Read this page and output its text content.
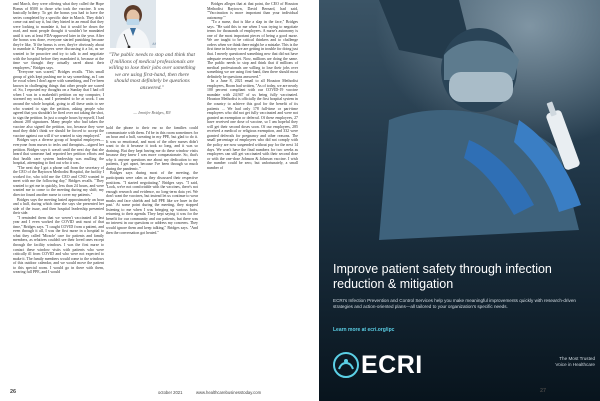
and March, they were offering what they called the Hope Bonus of $500 to those who took the vaccine. It was basically bribery. To get the bonus you had to have the series completed by a specific date in March. They didn't come out and say it, but they hinted in an email that they were looking to mandate it, but it would be down the road, and most people thought it wouldn't be mandated until it was at least FDA-approved later in the year. After the bonus was done, everyone started panicking because they're like, 'If the bonus is over, they're obviously about to mandate it.' Employees were discussing it a lot, as we wanted to be proactive and try to talk to and negotiate with the hospital before they mandated it, because at the time we thought they actually cared about their employees," Bridges says.

"Everyone was scared," Bridges recalls. "This small group of girls kept pushing me to say something, as I can be vocal when I don't agree with something, and I've been known in challenging things that other people are scared of. So, I reposted my thoughts on a Sunday that I had off when I was in a makeshift petition on my computer, I stormed my socks, and I pretended to be at work. I ran around the whole hospital, going to all these units to see who wanted to sign the petition, asking people who agreed that you shouldn't be fired over not taking the shot, to sign the petition. In just a couple hours by myself, I had almost 200 signatures. Many people who had taken the vaccine also signed the petition, too, because they were mad they didn't think we should be forced to accept the vaccine against our will if we wanted to stay employed."

Bridges says a diverse group of hospital employees—everyone from nurses to techs and therapists—signed her petition. Bridges says it wasn't until the next day that she heard that someone had reported her petition efforts and that health care system leadership was mulling the hospital, attempting to find out who it was.

"The next day I got a phone call from the secretary of the CEO of the Baytown Methodist Hospital, the facility I worked for, who told me the CEO and CNO wanted to meet with me the following day," Bridges recalls. "They wanted to get me in quickly, less than 24 hours, and were wanted me to come to the meeting during my shift; my director found another nurse to cover my patients."

Bridges says the meeting lasted approximately an hour and a half, during which time she says she presented her side of the issue, and then hospital leadership presented their side.

"I reminded them that we weren't vaccinated all last year and I even worked the COVID unit most of that time," Bridges says. "I caught COVID from a patient, and even through it all, I was the first nurse in a hospital to what they called 'Miracle' care for patients and family members, as relatives couldn't see their loved ones except through the facility windows. I was the first nurse to contact these window visits with patients who were critically ill from COVID and who were not expected to make it. The family members would come to the windows of this outdoor calendar, and we would move the patient to this special room. I would go in there with them, wearing full PPE, and I would

“
"The public needs to stop and think that if millions of medical professionals are willing to lose their jobs over something we are using first-hand, then there should most definitely be questions answered."
— Jennifer Bridges, RN

hold the phone to their ear so the families could communicate with them. I'd be in this room sometimes for an hour and a half, sweating in my PPE, but glad to do it. It was so emotional, and most of the other nurses didn't want to do it because it took so long, and it was so draining. But they kept having me do these window visits because they knew I was more compassionate. So, that's why it anyone questions me about my dedication to my patients, I get upset, because I've been through so much during the pandemic."

Bridges says during most of the meeting, the participants were calm as they discussed their respective positions. "I started negotiating," Bridges says. "I said, 'Look, we're not comfortable with the vaccines, there's not enough research and evidence, no long-term data yet. We don't want the vaccines, but instead let us continue to wear masks and face shields and full PPE like we have in the past.' At some point during the meeting, they stopped listening to me when I was bringing up various facts, returning to their agenda. They kept saying it was for the benefit for our community and our patients, but there was no interest in our questions or address my concerns. They would ignore them and keep talking," Bridges says. "And then the conversation got heated."

Bridges alleges that at that point, the CEO of Houston Methodist Baytown, David Bernard, had said, "'Vaccination is more important than your individual autonomy.'"

"To a nurse, that is like a slap in the face," Bridges says. "He said this to me when I was trying to negotiate terms for thousands of employees. A nurse's autonomy is one of the most important pieces of being a good nurse. We are taught to be critical thinkers and to challenge orders when we think there might be a mistake. This is the first time in history we are getting in trouble for doing just that. I merely questioned something new that did not have adequate research yet. Now, millions are doing the same. The public needs to stop and think that if millions of medical professionals are willing to lose their jobs over something we are using first-hand, then there should most definitely be questions answered."

In a June 8, 2021 email to all Houston Methodist employees, Boom had written, "As of today, we are nearly 100 percent compliant with our COVID-19 vaccine mandate with 24,947 of us being fully vaccinated. Houston Methodist is officially the first hospital system in the country to achieve this goal for the benefit of its patients ... We had only 178 full-time or part-time employees who did not get fully vaccinated and were not granted an exemption or deferral. Of these employees, 27 have received one dose of vaccine, so I am hopeful they will get their second doses soon. Of our employees, 285 received a medical or religious exemption, and 332 were granted deferrals for pregnancy and other reasons. The small percentage of employees who did not comply with the policy are now suspended without pay for the next 14 days. We won't have the final numbers for two weeks as employees can still get vaccinated with their second dose or with the one-dose Johnson & Johnson vaccine. I wish the number could be zero, but unfortunately, a small number of

26	october 2021	www.healthcarebusinesstoday.com
Improve patient safety through infection reduction & mitigation
ECRI's Infection Prevention and Control Services help you make meaningful improvements quickly with research-driven strategies and action-oriented plans—all tailored to your organization's specific needs.
Learn more at ecri.org/ipc
ECRI	The Most Trusted
Voice in Healthcare
27
